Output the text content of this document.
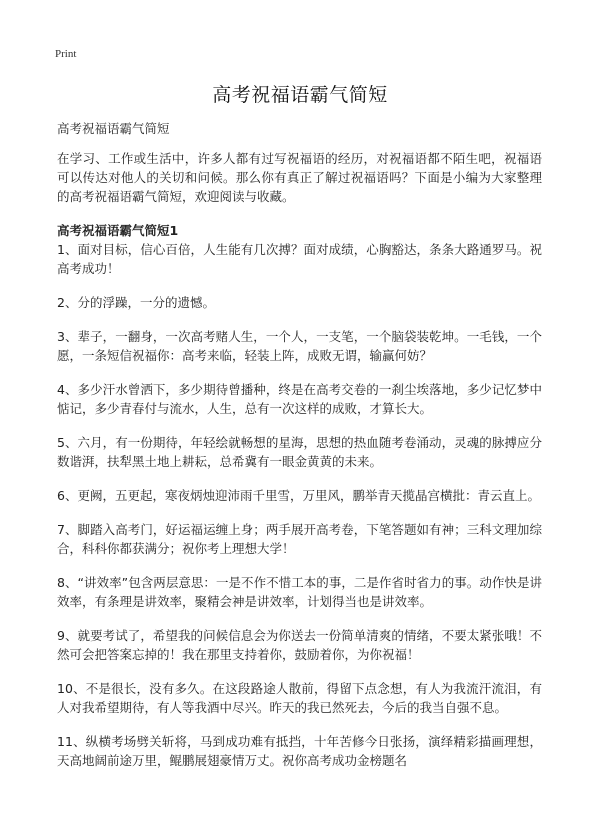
Print
高考祝福语霸气简短

高考祝福语霸气简短

在学习、工作或生活中，许多人都有过写祝福语的经历，对祝福语都不陌生吧，祝福语可以传达对他人的关切和问候。那么你有真正了解过祝福语吗？下面是小编为大家整理的高考祝福语霸气简短，欢迎阅读与收藏。

高考祝福语霸气简短1

1、面对目标，信心百倍，人生能有几次搏？面对成绩，心胸豁达，条条大路通罗马。祝高考成功！

2、分的浮躁，一分的遗憾。

3、辈子，一翻身，一次高考赌人生，一个人，一支笔，一个脑袋装乾坤。一毛钱，一个愿，一条短信祝福你：高考来临，轻装上阵，成败无谓，输赢何妨？

4、多少汗水曾洒下，多少期待曾播种，终是在高考交卷的一刹尘埃落地，多少记忆梦中惦记，多少青春付与流水，人生，总有一次这样的成败，才算长大。

5、六月，有一份期待，年轻绘就畅想的星海，思想的热血随考卷涌动，灵魂的脉搏应分数谐湃，扶犁黑土地上耕耘，总希冀有一眼金黄黄的未来。

6、更阙，五更起，寒夜炳烛迎沛雨千里雪，万里风，鹏举青天揽晶宫横批：青云直上。

7、脚踏入高考门，好运福运缠上身；两手展开高考卷，下笔答题如有神；三科文理加综合，科科你都获满分；祝你考上理想大学！

8、“讲效率”包含两层意思：一是不作不惜工本的事，二是作省时省力的事。动作快是讲效率，有条理是讲效率，聚精会神是讲效率，计划得当也是讲效率。

9、就要考试了，希望我的问候信息会为你送去一份简单清爽的情绪，不要太紧张哦！不然可会把答案忘掉的！我在那里支持着你，鼓励着你，为你祝福！

10、不是很长，没有多久。在这段路途人散前，得留下点念想，有人为我流汗流泪，有人对我希望期待，有人等我酒中尽兴。昨天的我已然死去，今后的我当自强不息。

11、纵横考场劈关斩将，马到成功难有抵挡，十年苦修今日张扬，演绎精彩描画理想，天高地阔前途万里，鲲鹏展翅豪情万丈。祝你高考成功金榜题名
